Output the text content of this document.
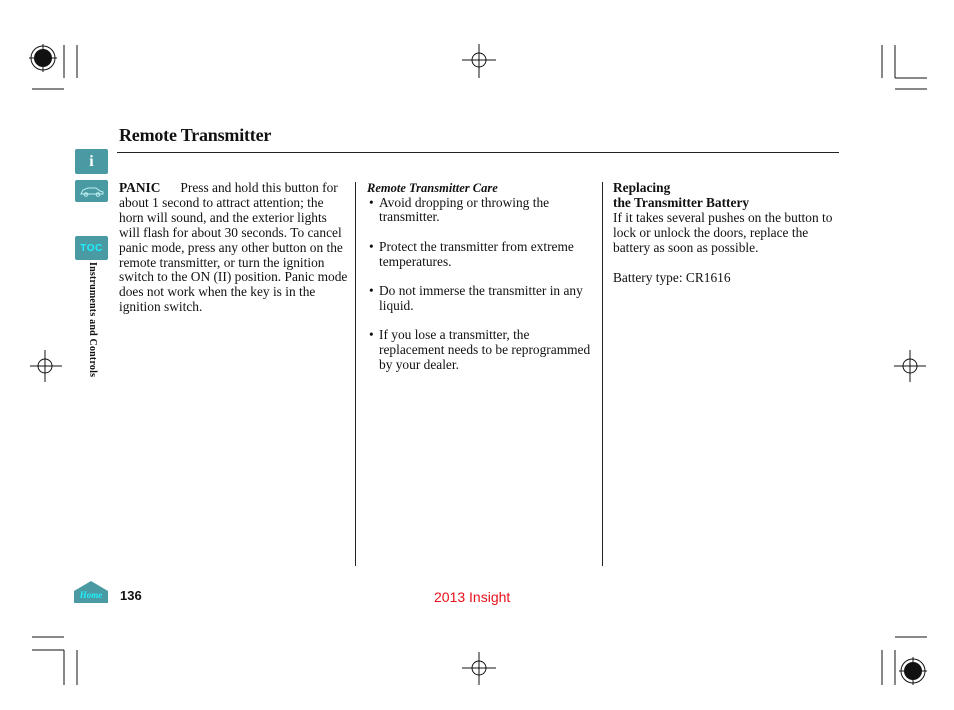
Remote Transmitter
i
TOC
Instruments and Controls
PANIC Press and hold this button for about 1 second to attract attention; the horn will sound, and the exterior lights will flash for about 30 seconds. To cancel panic mode, press any other button on the remote transmitter, or turn the ignition switch to the ON (II) position. Panic mode does not work when the key is in the ignition switch.
Remote Transmitter Care
• Avoid dropping or throwing the transmitter.
• Protect the transmitter from extreme temperatures.
• Do not immerse the transmitter in any liquid.
• If you lose a transmitter, the replacement needs to be reprogrammed by your dealer.
Replacing
the Transmitter Battery
If it takes several pushes on the button to lock or unlock the doors, replace the battery as soon as possible.
Battery type: CR1616
Home 136	2013 Insight
